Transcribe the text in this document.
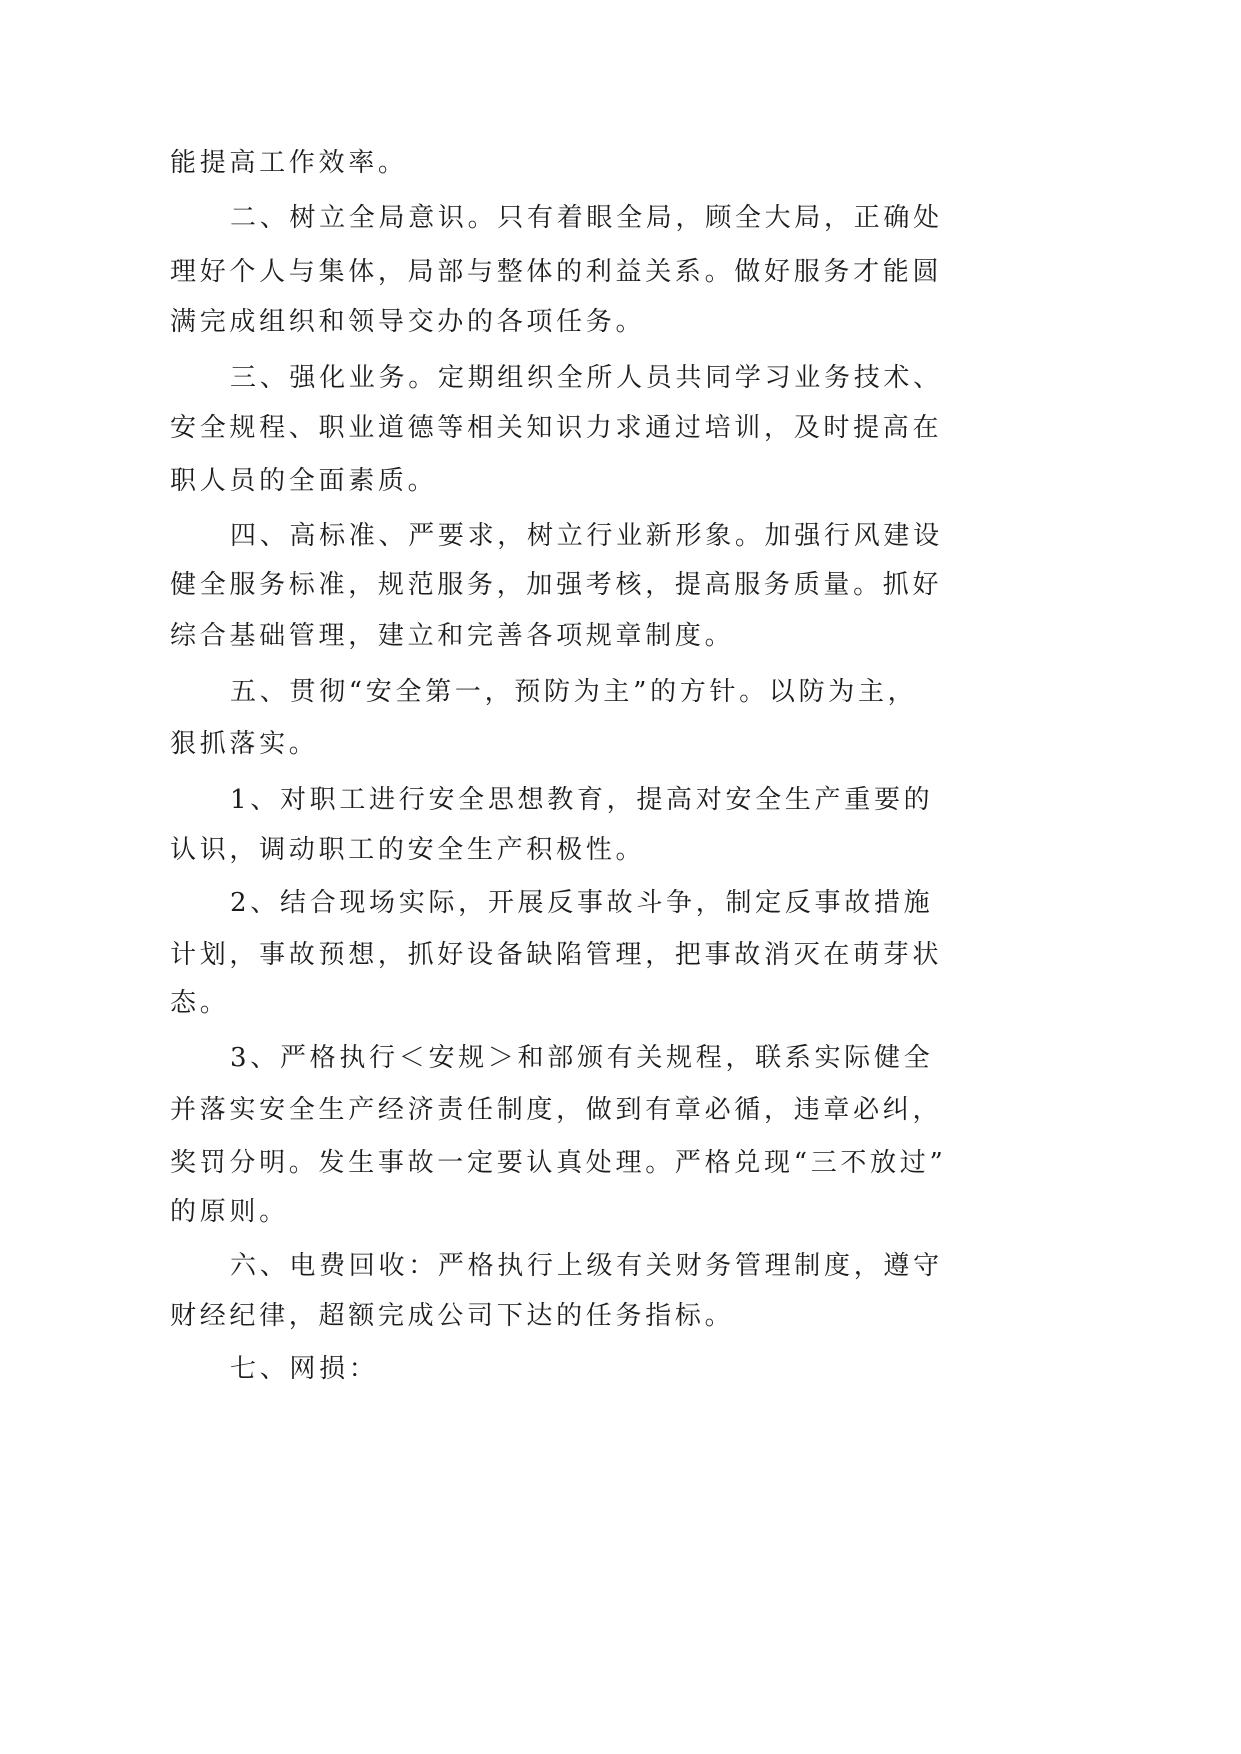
能提高工作效率。
二、树立全局意识。只有着眼全局，顾全大局，正确处
理好个人与集体，局部与整体的利益关系。做好服务才能圆
满完成组织和领导交办的各项任务。
三、强化业务。定期组织全所人员共同学习业务技术、
安全规程、职业道德等相关知识力求通过培训，及时提高在
职人员的全面素质。
四、高标准、严要求，树立行业新形象。加强行风建设
健全服务标准，规范服务，加强考核，提高服务质量。抓好
综合基础管理，建立和完善各项规章制度。
五、贯彻“安全第一，预防为主”的方针。以防为主，
狠抓落实。
1、对职工进行安全思想教育，提高对安全生产重要的
认识，调动职工的安全生产积极性。
2、结合现场实际，开展反事故斗争，制定反事故措施
计划，事故预想，抓好设备缺陷管理，把事故消灭在萌芽状
态。
3、严格执行＜安规＞和部颁有关规程，联系实际健全
并落实安全生产经济责任制度，做到有章必循，违章必纠，
奖罚分明。发生事故一定要认真处理。严格兑现“三不放过”
的原则。
六、电费回收：严格执行上级有关财务管理制度，遵守
财经纪律，超额完成公司下达的任务指标。
七、网损：
